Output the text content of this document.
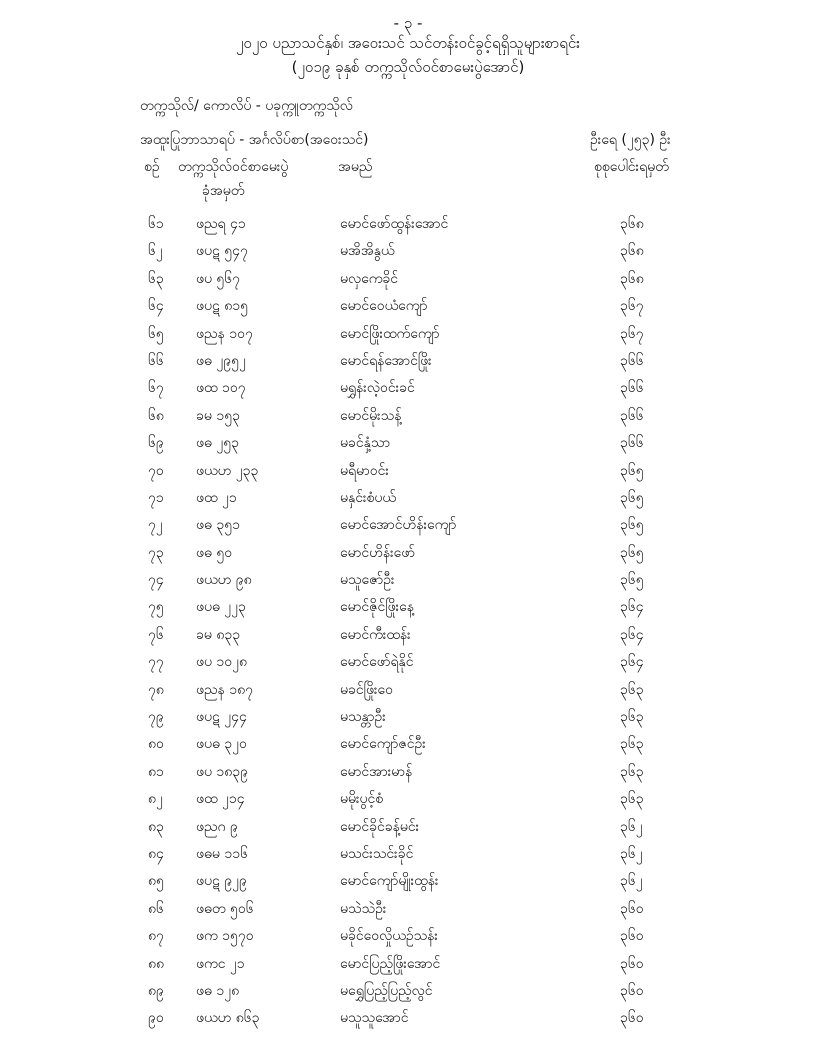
- ၃ -
၂၀၂၀ ပညာသင်နှစ်၊ အဝေးသင် သင်တန်းဝင်ခွင့်ရရှိသူများစာရင်း
(၂၀၁၉ ခုနှစ် တက္ကသိုလ်ဝင်စာမေးပွဲအောင်)
တက္ကသိုလ်/ ကောလိပ် - ပခုက္ကူတက္ကသိုလ်
အထူးပြုဘာသာရပ် - အင်္ဂလိပ်စာ(အဝေးသင်)	ဦးရေ (၂၅၃) ဦး
စဉ် တက္ကသိုလ်ဝင်စာမေးပွဲ
ခုံအမှတ်
အမည်	စုစုပေါင်းရမှတ်
၆၁ ဖညရ ၄၁	မောင်ဖော်ထွန်းအောင်	၃၆၈
၆၂ ဖပဋ ၅၄၇	မအိအိနွယ်	၃၆၈
၆၃ ဖပ ၅၆၇	မလှကေခိုင်	၃၆၈
၆၄ ဖပဋ ၈၁၅	မောင်ဝေယံကျော်	၃၆၇
၆၅ ဖညန ၁၀၇	မောင်ဖြိုးထက်ကျော်	၃၆၇
၆၆ ဖဓ ၂၉၅၂	မောင်ရန်အောင်ဖြိုး	၃၆၆
၆၇ ဖထ ၁၀၇	မရွှန်းလဲ့ဝင်းခင်	၃၆၆
၆၈ ခမ ၁၅၃	မောင်မိုးသန့်	၃၆၆
၆၉ ဖဓ ၂၅၃	မခင်နှံ့သာ	၃၆၆
၇၀ ဖယဟ ၂၃၃	မရီမာဝင်း	၃၆၅
၇၁ ဖထ ၂၁	မနှင်းစံပယ်	၃၆၅
၇၂ ဖဓ ၃၅၁	မောင်အောင်ဟိန်းကျော်	၃၆၅
၇၃ ဖဓ ၅၀	မောင်ဟိန်းဖော်	၃၆၅
၇၄ ဖယဟ ၉၈	မသူဇော်ဦး	၃၆၅
၇၅ ဖပဓ ၂၂၃	မောင်ဇိုင်ဖြိုးနေ့	၃၆၄
၇၆ ခမ ၈၃၃	မောင်ကီးထန်း	၃၆၄
၇၇ ဖပ ၁၀၂၈	မောင်ဖော်ရဲနိုင်	၃၆၄
၇၈ ဖညန ၁၈၇	မခင်ဖြိုးဝေ	၃၆၃
၇၉ ဖပဋ ၂၄၄	မသန္တာဦး	၃၆၃
၈၀ ဖပဓ ၃၂၀	မောင်ကျော်ဇင်ဦး	၃၆၃
၈၁ ဖပ ၁၈၃၉	မောင်အားမာန်	၃၆၃
၈၂ ဖထ ၂၁၄	မမိုးပွင့်စံ	၃၆၃
၈၃ ဖညဂ ၉	မောင်ခိုင်ခန့်မင်း	၃၆၂
၈၄ ဖဓမ ၁၁၆	မသင်းသင်းခိုင်	၃၆၂
၈၅ ဖပဋ ၉၂၉	မောင်ကျော်မျိုးထွန်း	၃၆၂
၈၆ ဖဓတ ၅၀၆	မသဲသဲဦး	၃၆၀
၈၇ ဖက ၁၅၇၀	မခိုင်ဝေလှိုယဉ်သန်း	၃၆၀
၈၈ ဖကင ၂၁	မောင်ပြည့်ဖြိုးအောင်	၃၆၀
၈၉ ဖဓ ၁၂၈	မရွှေပြည့်ပြည့်လွင်	၃၆၀
၉၀ ဖယဟ ၈၆၃	မသူသူအောင်	၃၆၀
